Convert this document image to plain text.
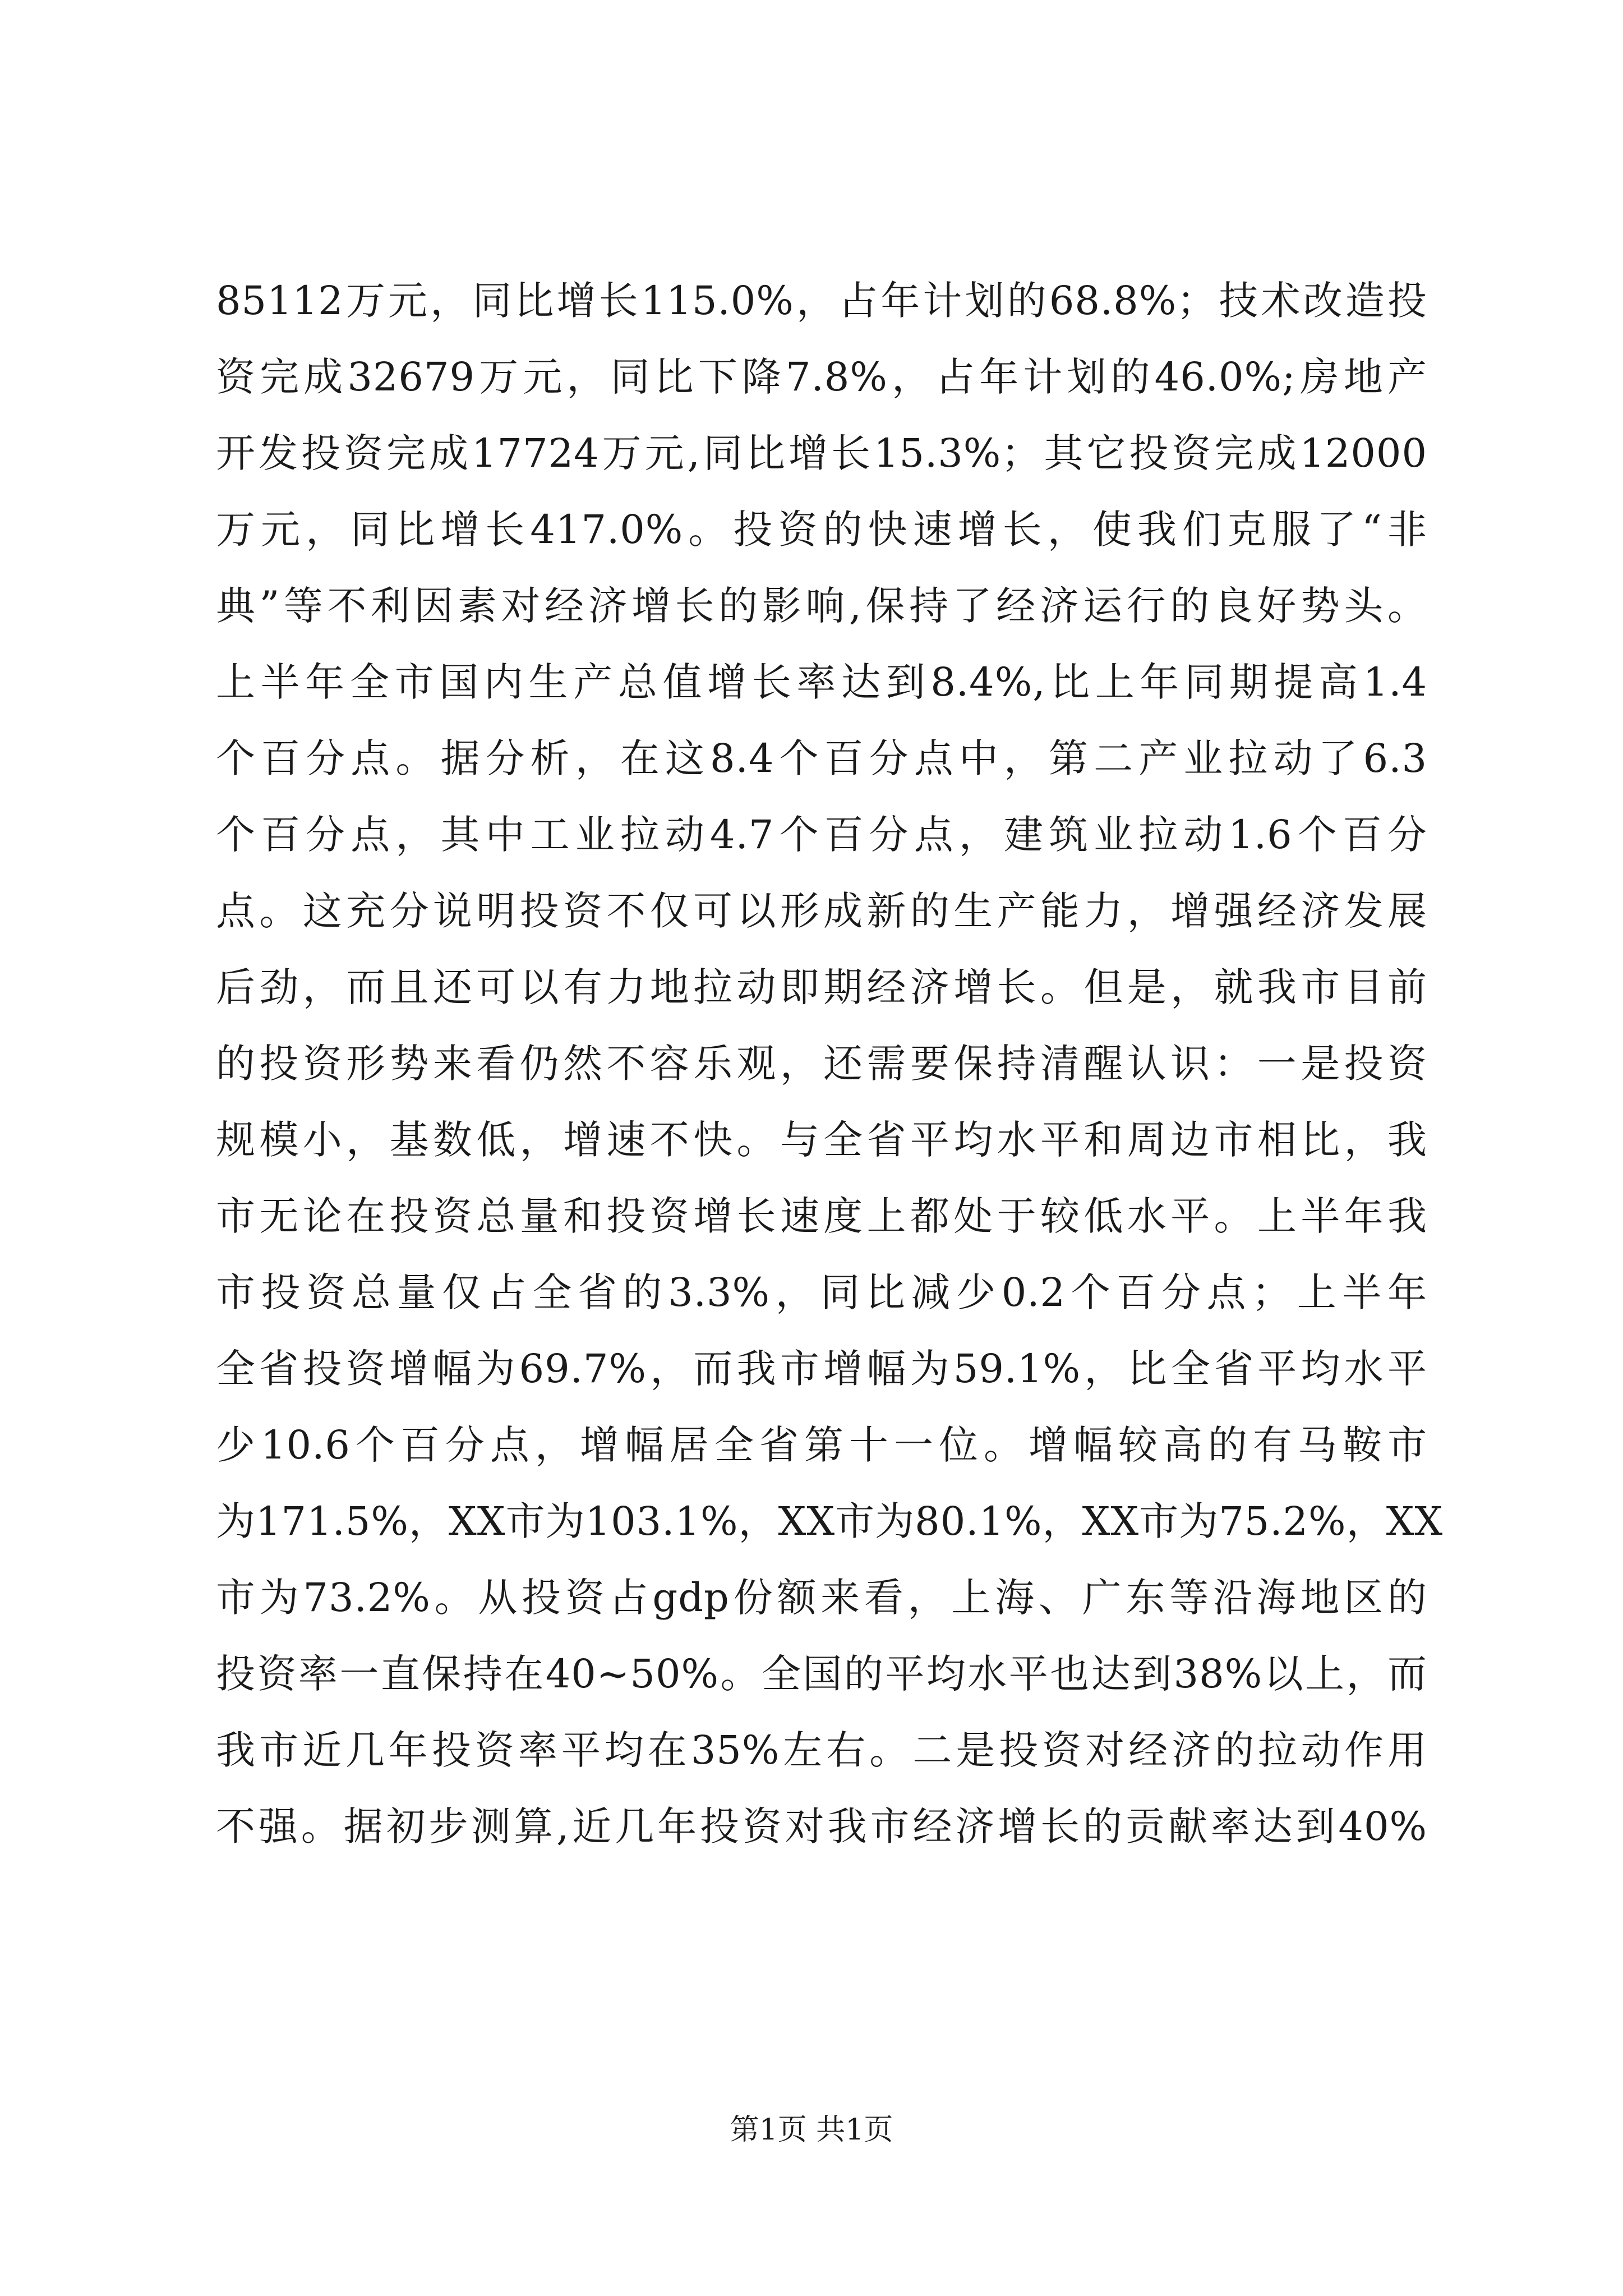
85112万元，同比增长115.0%，占年计划的68.8%；技术改造投
资完成32679万元，同比下降7.8%，占年计划的46.0%;房地产
开发投资完成17724万元,同比增长15.3%；其它投资完成12000
万元，同比增长417.0%。投资的快速增长，使我们克服了“非
典”等不利因素对经济增长的影响,保持了经济运行的良好势头。
上半年全市国内生产总值增长率达到8.4%,比上年同期提高1.4
个百分点。据分析，在这8.4个百分点中，第二产业拉动了6.3
个百分点，其中工业拉动4.7个百分点，建筑业拉动1.6个百分
点。这充分说明投资不仅可以形成新的生产能力，增强经济发展
后劲，而且还可以有力地拉动即期经济增长。但是，就我市目前
的投资形势来看仍然不容乐观，还需要保持清醒认识：一是投资
规模小，基数低，增速不快。与全省平均水平和周边市相比，我
市无论在投资总量和投资增长速度上都处于较低水平。上半年我
市投资总量仅占全省的3.3%，同比减少0.2个百分点；上半年
全省投资增幅为69.7%，而我市增幅为59.1%，比全省平均水平
少10.6个百分点，增幅居全省第十一位。增幅较高的有马鞍市
为171.5%，XX市为103.1%，XX市为80.1%，XX市为75.2%，XX
市为73.2%。从投资占gdp份额来看，上海、广东等沿海地区的
投资率一直保持在40~50%。全国的平均水平也达到38%以上，而
我市近几年投资率平均在35%左右。二是投资对经济的拉动作用
不强。据初步测算,近几年投资对我市经济增长的贡献率达到40%
第1页 共1页
